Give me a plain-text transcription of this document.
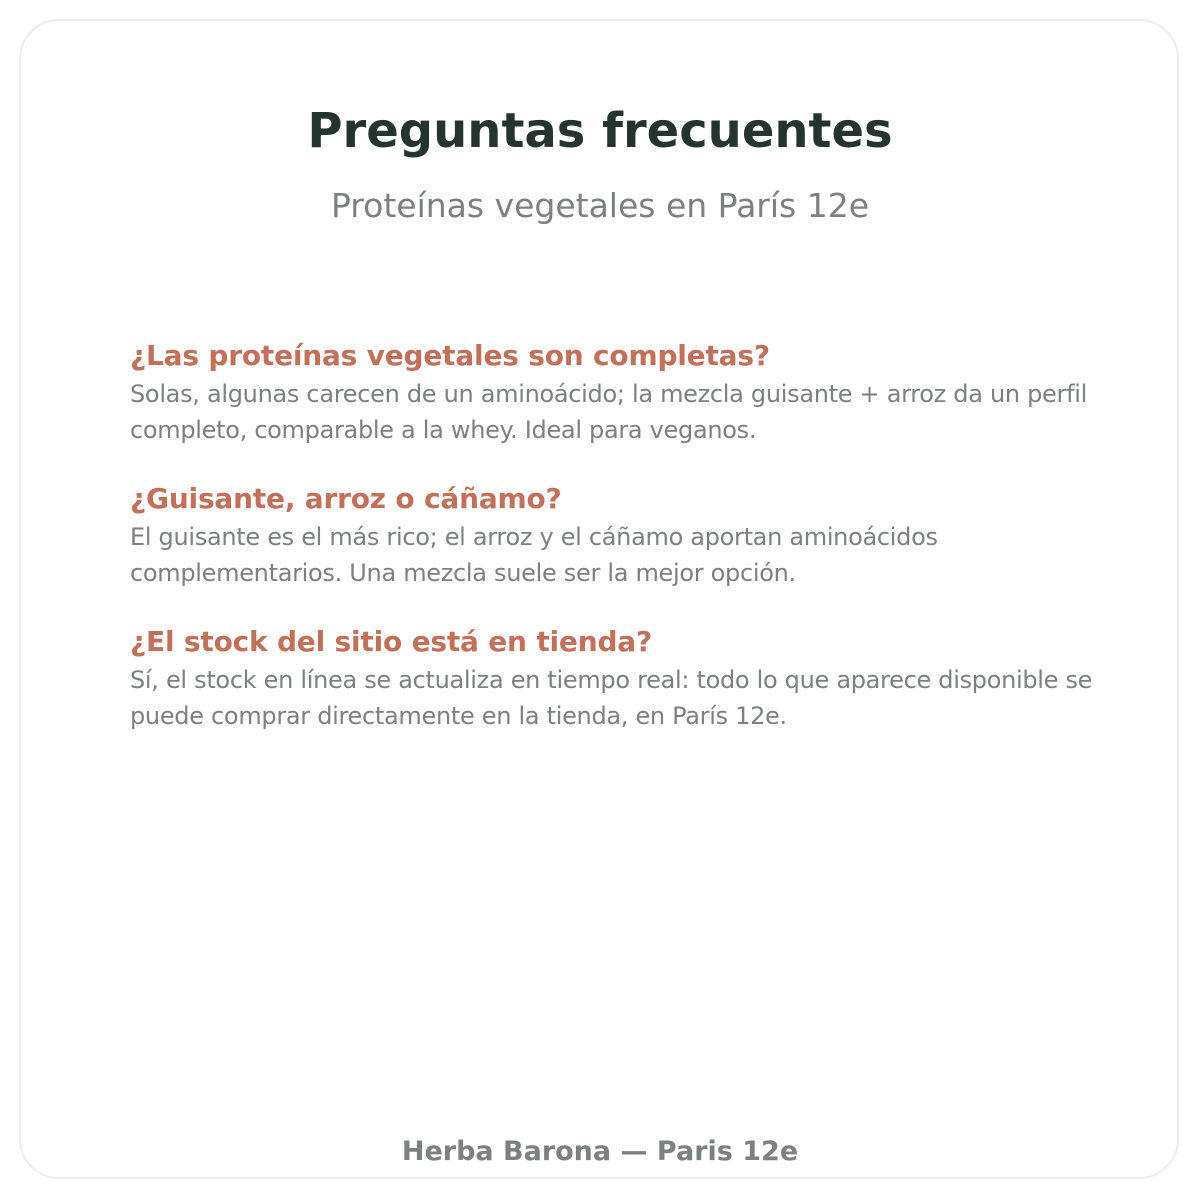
Preguntas frecuentes

Proteínas vegetales en París 12e

¿Las proteínas vegetales son completas?

Solas, algunas carecen de un aminoácido; la mezcla guisante + arroz da un perfil completo, comparable a la whey. Ideal para veganos.

¿Guisante, arroz o cáñamo?

El guisante es el más rico; el arroz y el cáñamo aportan aminoácidos complementarios. Una mezcla suele ser la mejor opción.

¿El stock del sitio está en tienda?

Sí, el stock en línea se actualiza en tiempo real: todo lo que aparece disponible se puede comprar directamente en la tienda, en París 12e.

Herba Barona — Paris 12e
